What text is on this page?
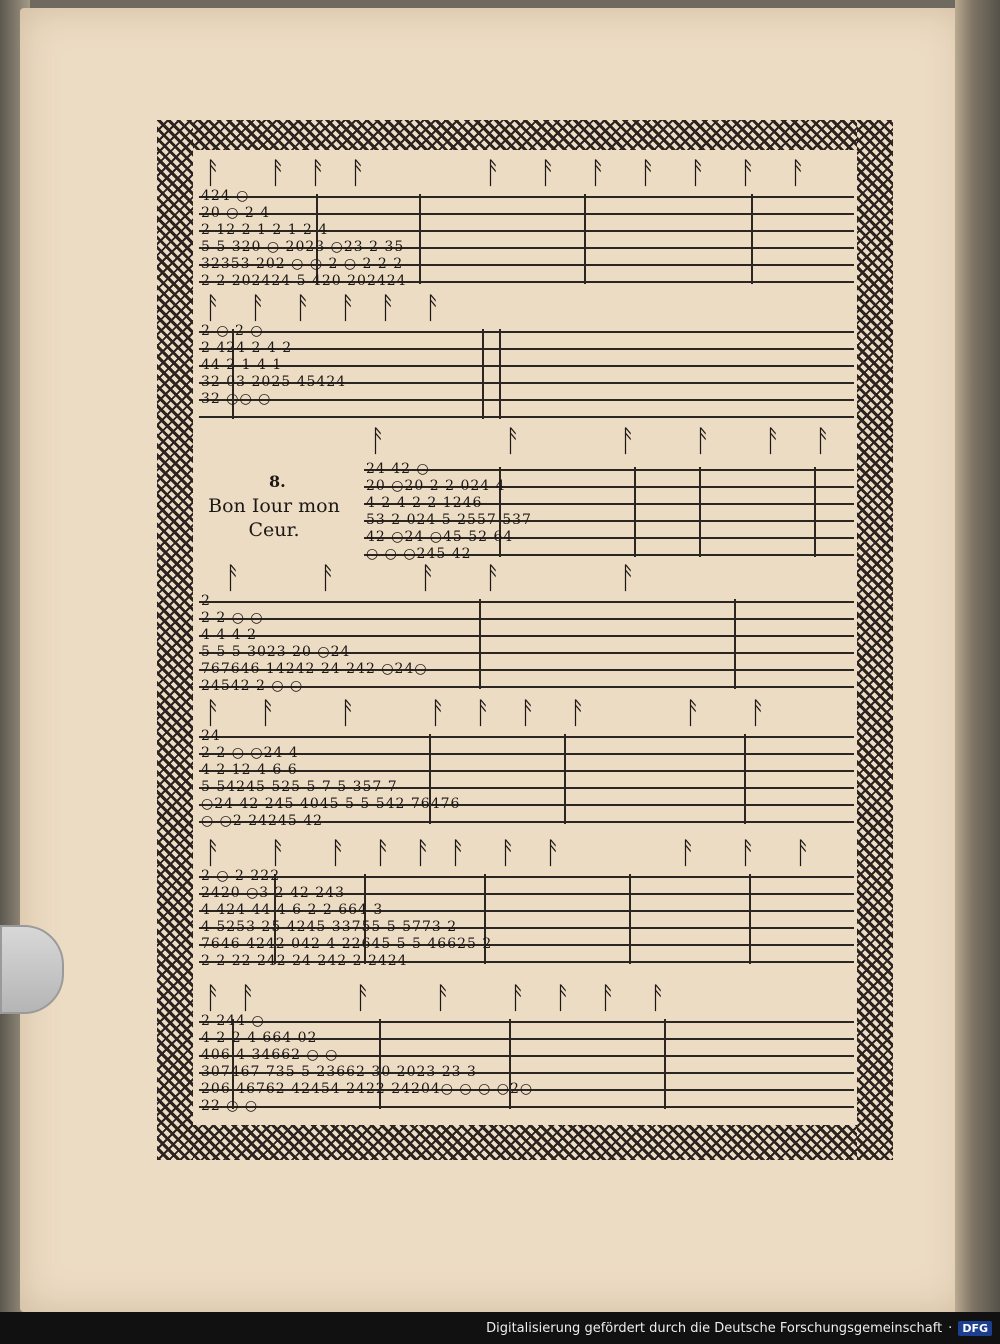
ᚨ ᚨ ᚨ ᚨ	ᚨ ᚨ ᚨ ᚨ ᚨ ᚨ ᚨ
424 ○
20 ○ 2 4
2 12 2 1 2 1 2 4
5 5 320 ○ 2023 ○23 2 35
32353 202 ○ ○ 2 ○ 2 2 2
2 2 202424 5 420 202424
ᚨ ᚨ ᚨ ᚨ ᚨ ᚨ
2 ○ 2 ○
2 424 2 4 2
44 2 1 4 1
32 03 2025 45424
32 ○○ ○
8.
Bon Iour mon
Ceur.
ᚨ	ᚨ	ᚨ ᚨ ᚨ ᚨ
24 42 ○
20 ○20 2 2 024 4
4 2 4 2 2 1246
53 2 024 5 2557 537
42 ○24 ○45 52 64
○ ○ ○245 42
ᚨ	ᚨ	ᚨ ᚨ	ᚨ
2
2 2 ○ ○
4 4 4 2
5 5 5 3023 20 ○24
767646 14242 24 242 ○24○
24542 2 ○ ○
ᚨ ᚨ ᚨ ᚨ ᚨ ᚨ ᚨ	ᚨ ᚨ
24
2 2 ○ ○24 4
4 2 12 4 6 6
5 54245 525 5 7 5 357 7
○24 42 245 4045 5 5 542 76476
○ ○2 24245 42
ᚨ ᚨ ᚨ ᚨ ᚨ ᚨ ᚨ ᚨ	ᚨ ᚨ ᚨ
2 ○ 2 222
2420 ○3 2 42 243
4 424 44 4 6 2 2 664 3
4 5253 25 4245 33755 5 5773 2
7646 4242 042 4 22645 5 5 46625 2
2 2 22 242 24 242 2 2424
ᚨ ᚨ	ᚨ ᚨ ᚨ ᚨ ᚨ ᚨ
2 244 ○
4 2 2 4 664 02
406 4 34662 ○ ○
307467 735 5 23662 30 2023 23 3
206 46762 42454 2422 24204○ ○ ○ ○2○
22 ○ ○
Digitalisierung gefördert durch die Deutsche Forschungsgemeinschaft · DFG
